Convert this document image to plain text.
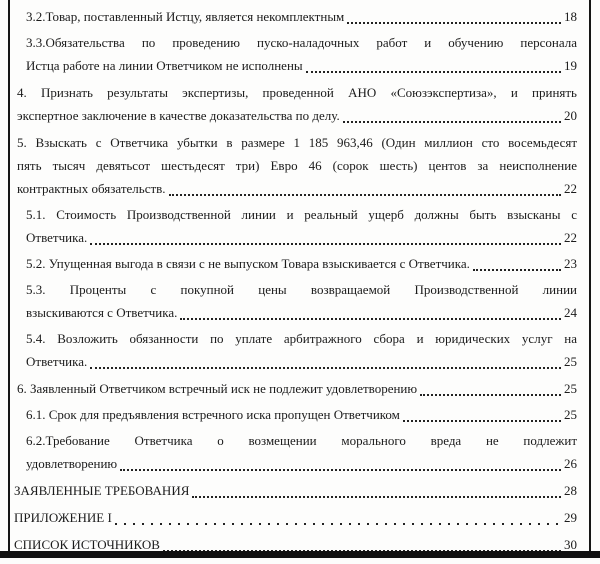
3.2.Товар, поставленный Истцу, является некомплектным	18
3.3.Обязательства по проведению пуско-наладочных работ и обучению персонала
Истца работе на линии Ответчиком не исполнены	19
4. Признать результаты экспертизы, проведенной АНО «Союзэкспертиза», и принять
экспертное заключение в качестве доказательства по делу.	20
5. Взыскать с Ответчика убытки в размере 1 185 963,46 (Один миллион сто восемьдесят
пять тысяч девятьсот шестьдесят три) Евро 46 (сорок шесть) центов за неисполнение
контрактных обязательств.	22
5.1. Стоимость Производственной линии и реальный ущерб должны быть взысканы с
Ответчика.	22
5.2. Упущенная выгода в связи с не выпуском Товара взыскивается с Ответчика.	23
5.3. Проценты с покупной цены возвращаемой Производственной линии
взыскиваются с Ответчика.	24
5.4. Возложить обязанности по уплате арбитражного сбора и юридических услуг на
Ответчика.	25
6. Заявленный Ответчиком встречный иск не подлежит удовлетворению	25
6.1. Срок для предъявления встречного иска пропущен Ответчиком	25
6.2.Требование Ответчика о возмещении морального вреда не подлежит
удовлетворению	26
ЗАЯВЛЕННЫЕ ТРЕБОВАНИЯ	28
ПРИЛОЖЕНИЕ I	29
СПИСОК ИСТОЧНИКОВ	30
